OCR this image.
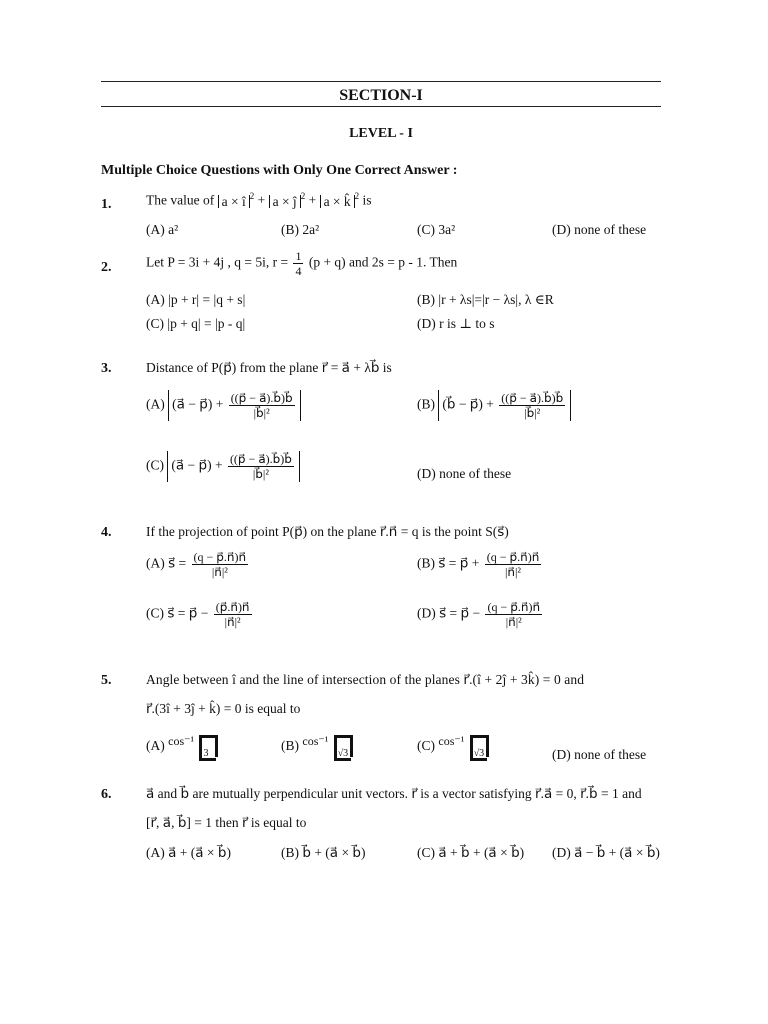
SECTION-I
LEVEL - I
Multiple Choice Questions with Only One Correct Answer :
1.	The value of a × î $^2$ + a × ĵ $^2$ + a × k̂ $^2$ is
(A) a²	(B) 2a²	(C) 3a²	(D) none of these
2.	Let P = 3i + 4j , q = 5i, $r = \frac{1}{4} (p + q)$ and 2s = p - 1. Then
(A) |p + r| = |q + s|	(B) |r + λs|=|r − λs|, λ ∈R
(C) |p + q| = |p - q|	(D) r is ⊥ to s
3.	Distance of P(p⃗) from the plane r⃗ = a⃗ + λb⃗ is
(A) (a⃗ − p⃗) + $\frac{((p⃗ - a⃗).b⃗)b⃗}{\text{|b⃗|²}}$	(B) (b⃗ − p⃗) + $\frac{((p⃗ - a⃗).b⃗)b⃗}{\text{|b⃗|²}}$
(C) (a⃗ − p⃗) + $\frac{((p⃗ - a⃗).b⃗)b⃗}{\text{|b⃗|²}}$	(D) none of these
4.	If the projection of point P(p⃗) on the plane r⃗.n⃗ = q is the point S(s⃗)
(A) s⃗ = $\frac{(q - p⃗.n⃗)n⃗}{\text{|n⃗|²}}$	(B) s⃗ = p⃗ + $\frac{(q - p⃗.n⃗)n⃗}{\text{|n⃗|²}}$
(C) s⃗ = p⃗ − $\frac{(p⃗.n⃗)n⃗}{\text{|n⃗|²}}$	(D) s⃗ = p⃗ − $\frac{(q - p⃗.n⃗)n⃗}{\text{|n⃗|²}}$
5.	Angle between î and the line of intersection of the planes r⃗.(î + 2ĵ + 3k̂) = 0 and
r⃗.(3î + 3ĵ + k̂) = 0 is equal to
(A) cos⁻¹
3
(B) cos⁻¹
√3
(C) cos⁻¹
√3	(D) none of these
6.	a⃗ and b⃗ are mutually perpendicular unit vectors. r⃗ is a vector satisfying r⃗.a⃗ = 0, r⃗.b⃗ = 1 and
[r⃗, a⃗, b⃗] = 1 then r⃗ is equal to
(A) a⃗ + (a⃗ × b⃗)	(B) b⃗ + (a⃗ × b⃗)	(C) a⃗ + b⃗ + (a⃗ × b⃗) (D) a⃗ − b⃗ + (a⃗ × b⃗)
